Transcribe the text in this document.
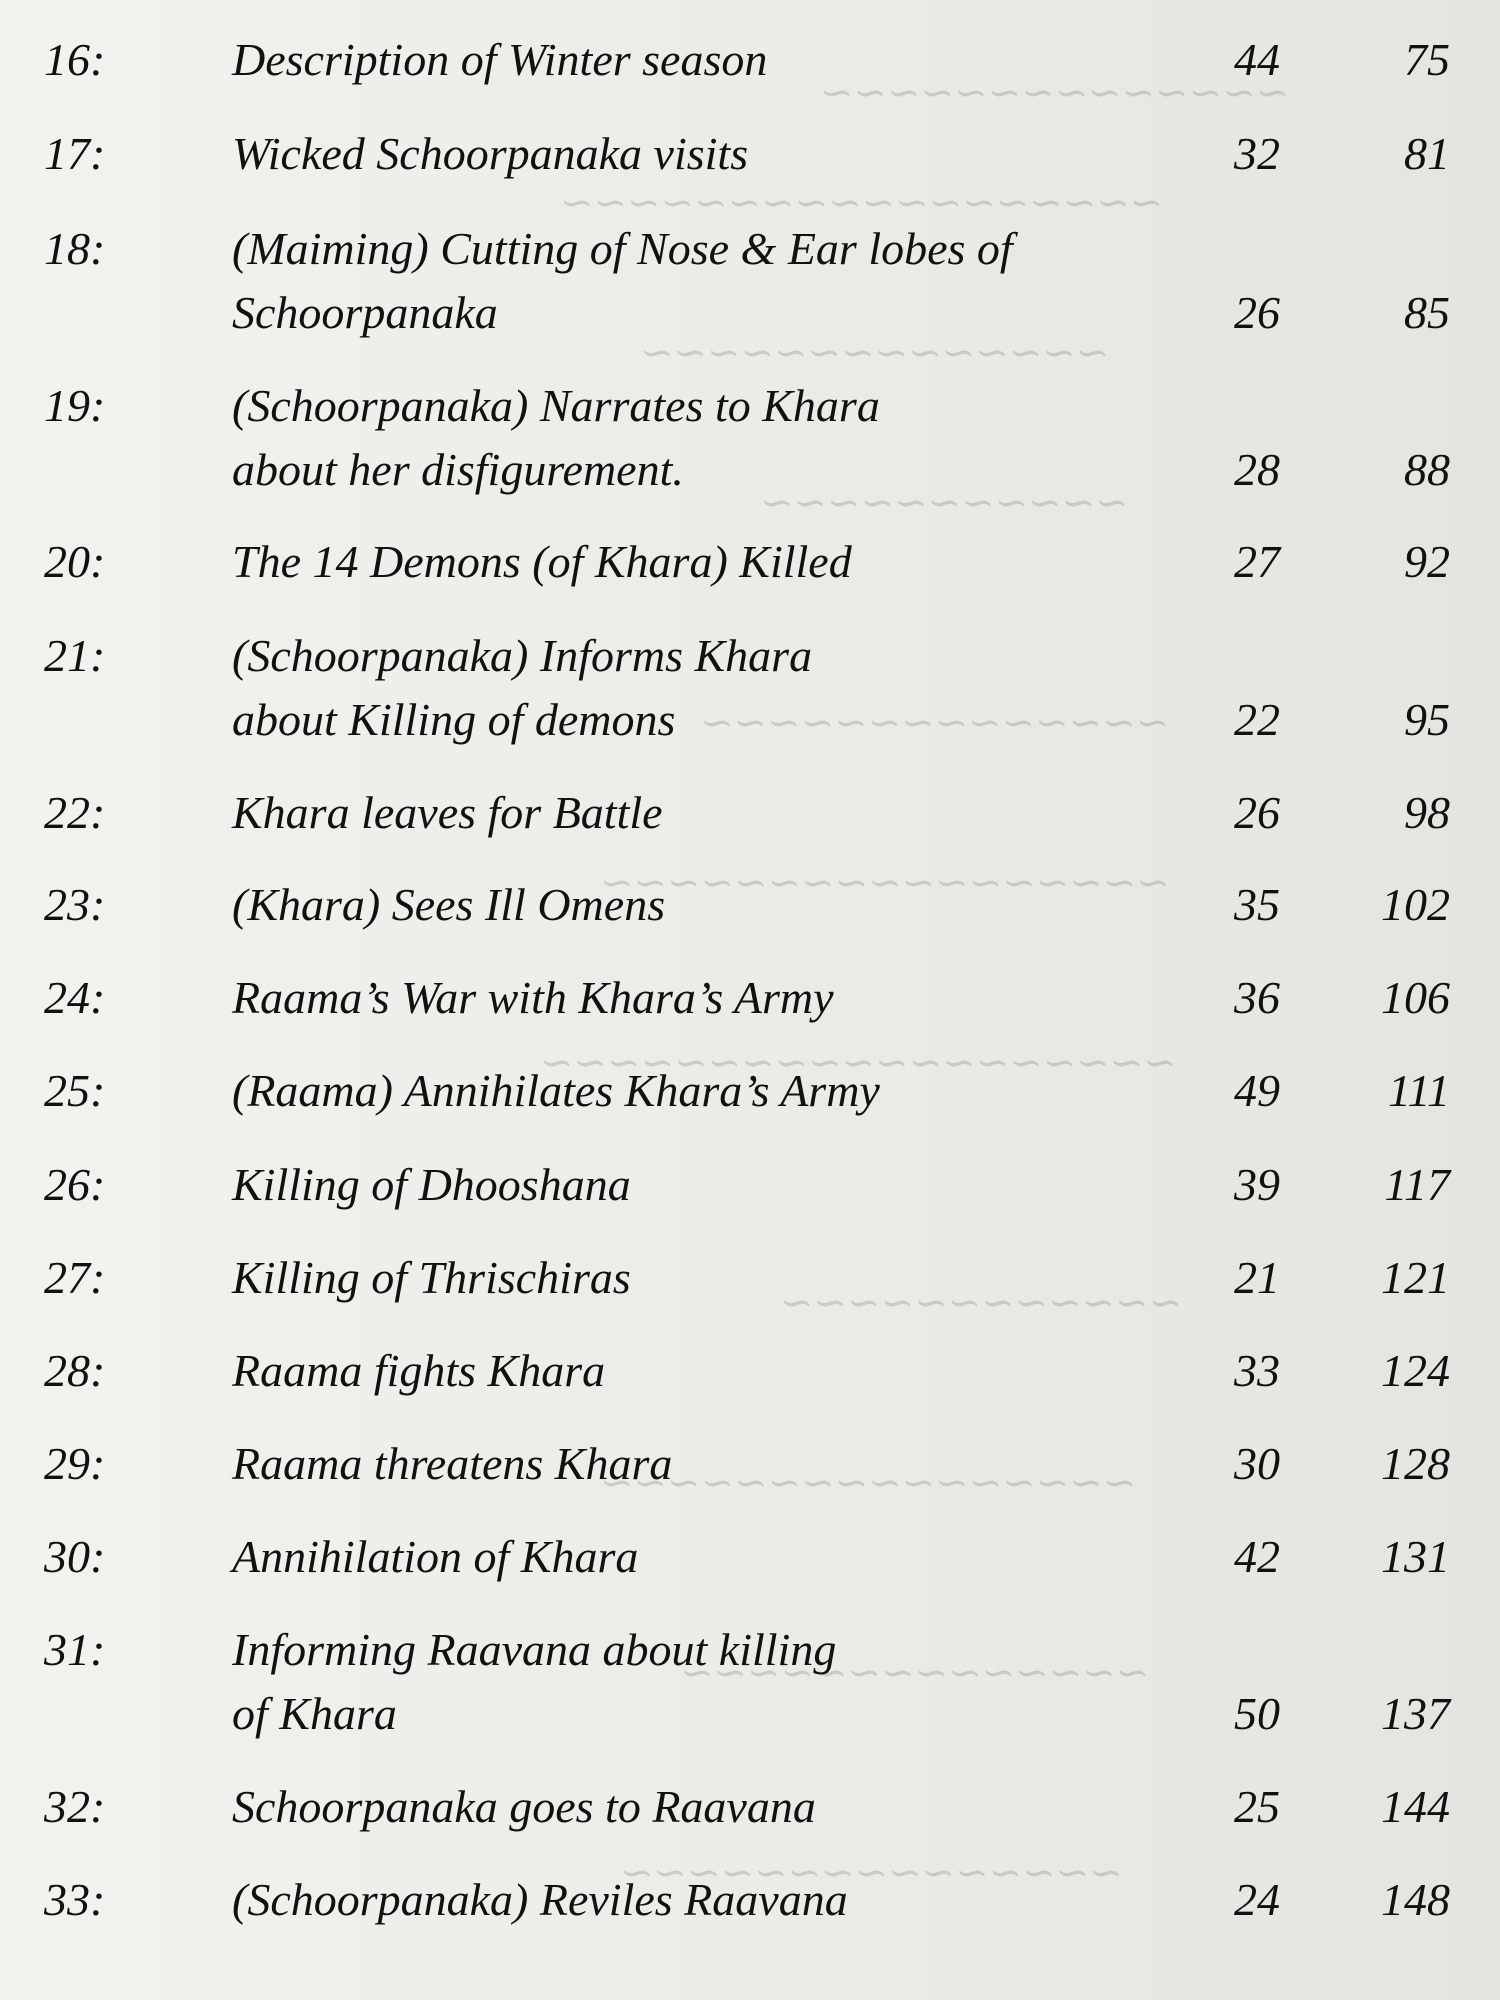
~~~~~~~~~~~~~~
~~~~~~~~~~~~~~~~~~
~~~~~~~~~~~~~~
~~~~~~~~~~~
~~~~~~~~~~~~~~
~~~~~~~~~~~~~~~~~
~~~~~~~~~~~~~~~~~~~
~~~~~~~~~~~~
~~~~~~~~~~~~~~~~
~~~~~~~~~~~~~~
~~~~~~~~~~~~~~~
16:	Description of Winter season	44	75
17:	Wicked Schoorpanaka visits	32	81
18:	(Maiming) Cutting of Nose & Ear lobes of
Schoorpanaka	26	85
19:	(Schoorpanaka) Narrates to Khara
about her disfigurement.	28	88
20:	The 14 Demons (of Khara) Killed	27	92
21:	(Schoorpanaka) Informs Khara
about Killing of demons	22	95
22:	Khara leaves for Battle	26	98
23:	(Khara) Sees Ill Omens	35	102
24:	Raama’s War with Khara’s Army	36	106
25:	(Raama) Annihilates Khara’s Army	49	111
26:	Killing of Dhooshana	39	117
27:	Killing of Thrischiras	21	121
28:	Raama fights Khara	33	124
29:	Raama threatens Khara	30	128
30:	Annihilation of Khara	42	131
31:	Informing Raavana about killing
of Khara	50	137
32:	Schoorpanaka goes to Raavana	25	144
33:	(Schoorpanaka) Reviles Raavana	24	148
